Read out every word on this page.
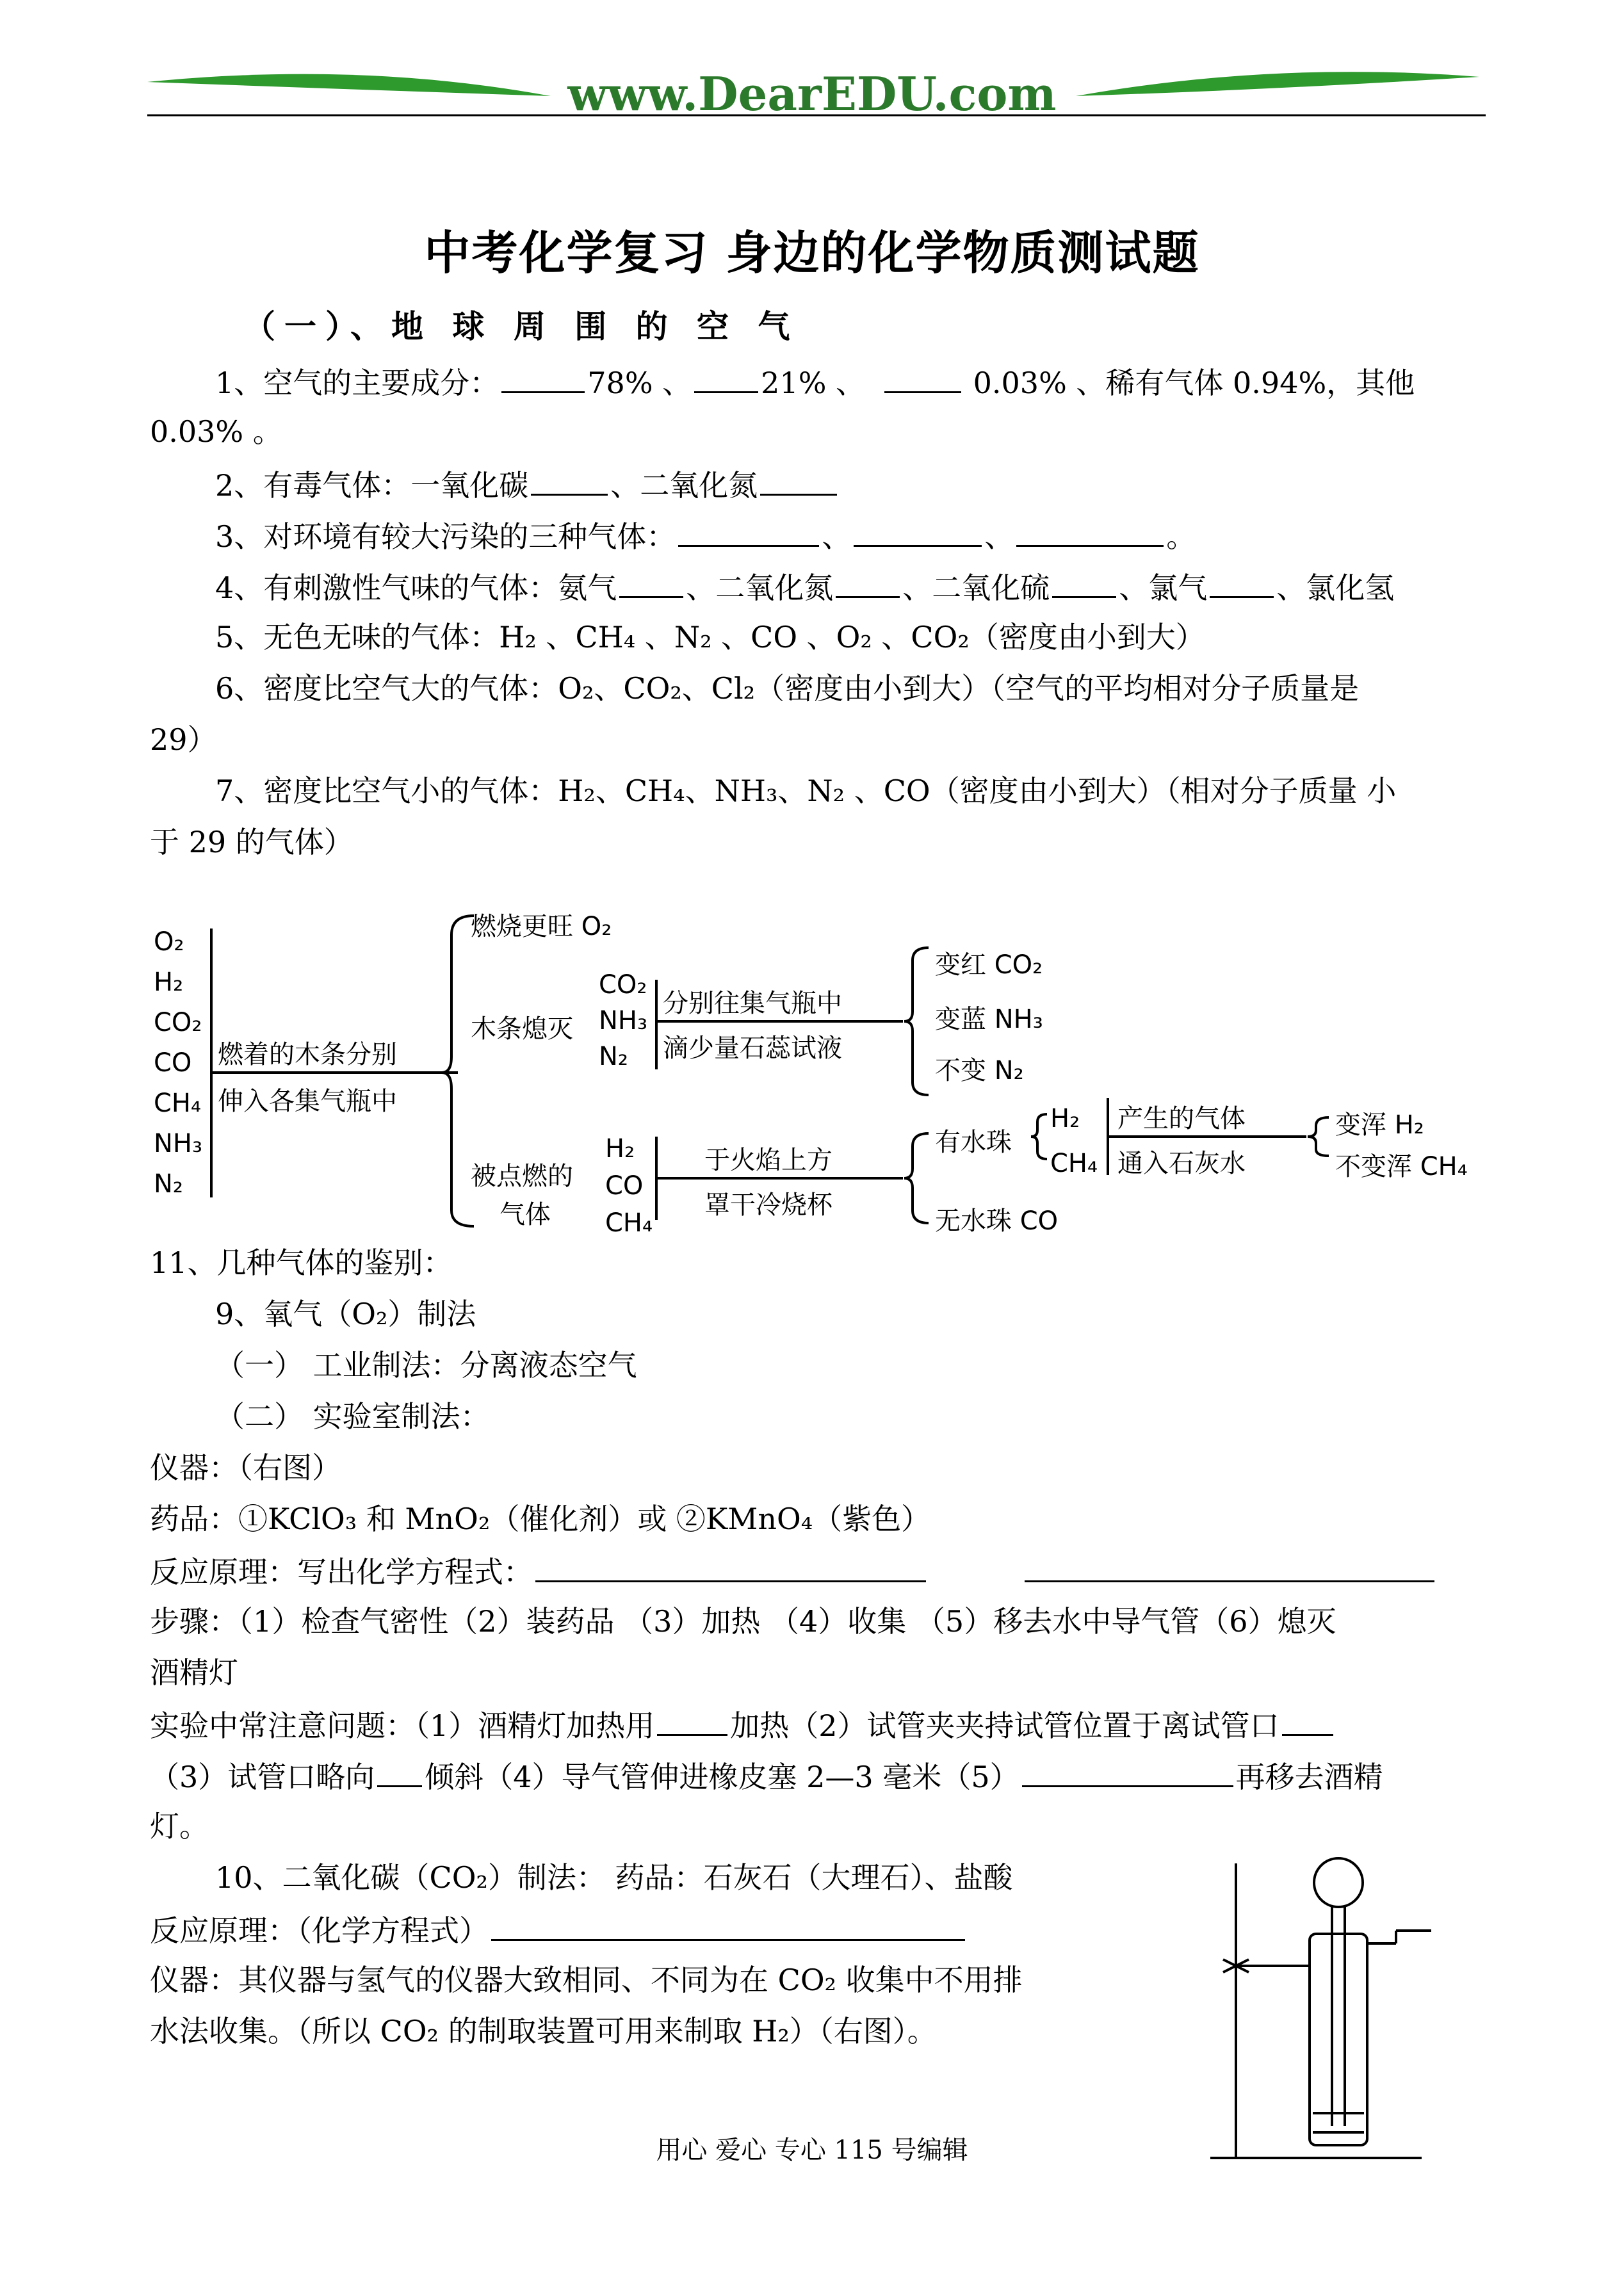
www.DearEDU.com
中考化学复习 身边的化学物质测试题
（一）、地 球 周 围 的 空 气
1、空气的主要成分：	78% 、 21% 、	0.03% 、稀有气体 0.94%，其他
0.03% 。
2、有毒气体：一氧化碳	、二氧化氮
3、对环境有较大污染的三种气体：	、	、	。
4、有刺激性气味的气体：氨气 、二氧化氮 、二氧化硫 、氯气 、氯化氢
5、无色无味的气体：H₂ 、CH₄ 、N₂ 、CO 、O₂ 、CO₂（密度由小到大）
6、密度比空气大的气体：O₂、CO₂、Cl₂（密度由小到大）（空气的平均相对分子质量是
29）
7、密度比空气小的气体：H₂、CH₄、NH₃、N₂ 、CO（密度由小到大）（相对分子质量 小
于 29 的气体）
O₂
H₂
CO₂
CO
CH₄
NH₃
N₂
燃着的木条分别
伸入各集气瓶中
燃烧更旺 O₂
木条熄灭
CO₂
NH₃
N₂
分别往集气瓶中
滴少量石蕊试液
变红 CO₂
变蓝 NH₃
不变 N₂
被点燃的
气体
H₂
CO
CH₄
于火焰上方
罩干冷烧杯
有水珠
H₂
CH₄
无水珠 CO
产生的气体
通入石灰水
变浑 H₂
不变浑 CH₄
11、几种气体的鉴别：
9、氧气（O₂）制法
（一） 工业制法：分离液态空气
（二） 实验室制法：
仪器：（右图）
药品：①KClO₃ 和 MnO₂（催化剂）或 ②KMnO₄（紫色）
反应原理：写出化学方程式：
步骤：（1）检查气密性（2）装药品 （3）加热 （4）收集 （5）移去水中导气管（6）熄灭
酒精灯
实验中常注意问题：（1）酒精灯加热用	加热（2）试管夹夹持试管位置于离试管口
（3）试管口略向 倾斜（4）导气管伸进橡皮塞 2—3 毫米（5）	再移去酒精
灯。
10、二氧化碳（CO₂）制法： 药品：石灰石（大理石）、盐酸
反应原理：（化学方程式）
仪器：其仪器与氢气的仪器大致相同、不同为在 CO₂ 收集中不用排
水法收集。（所以 CO₂ 的制取装置可用来制取 H₂）（右图）。
用心 爱心 专心 115 号编辑
